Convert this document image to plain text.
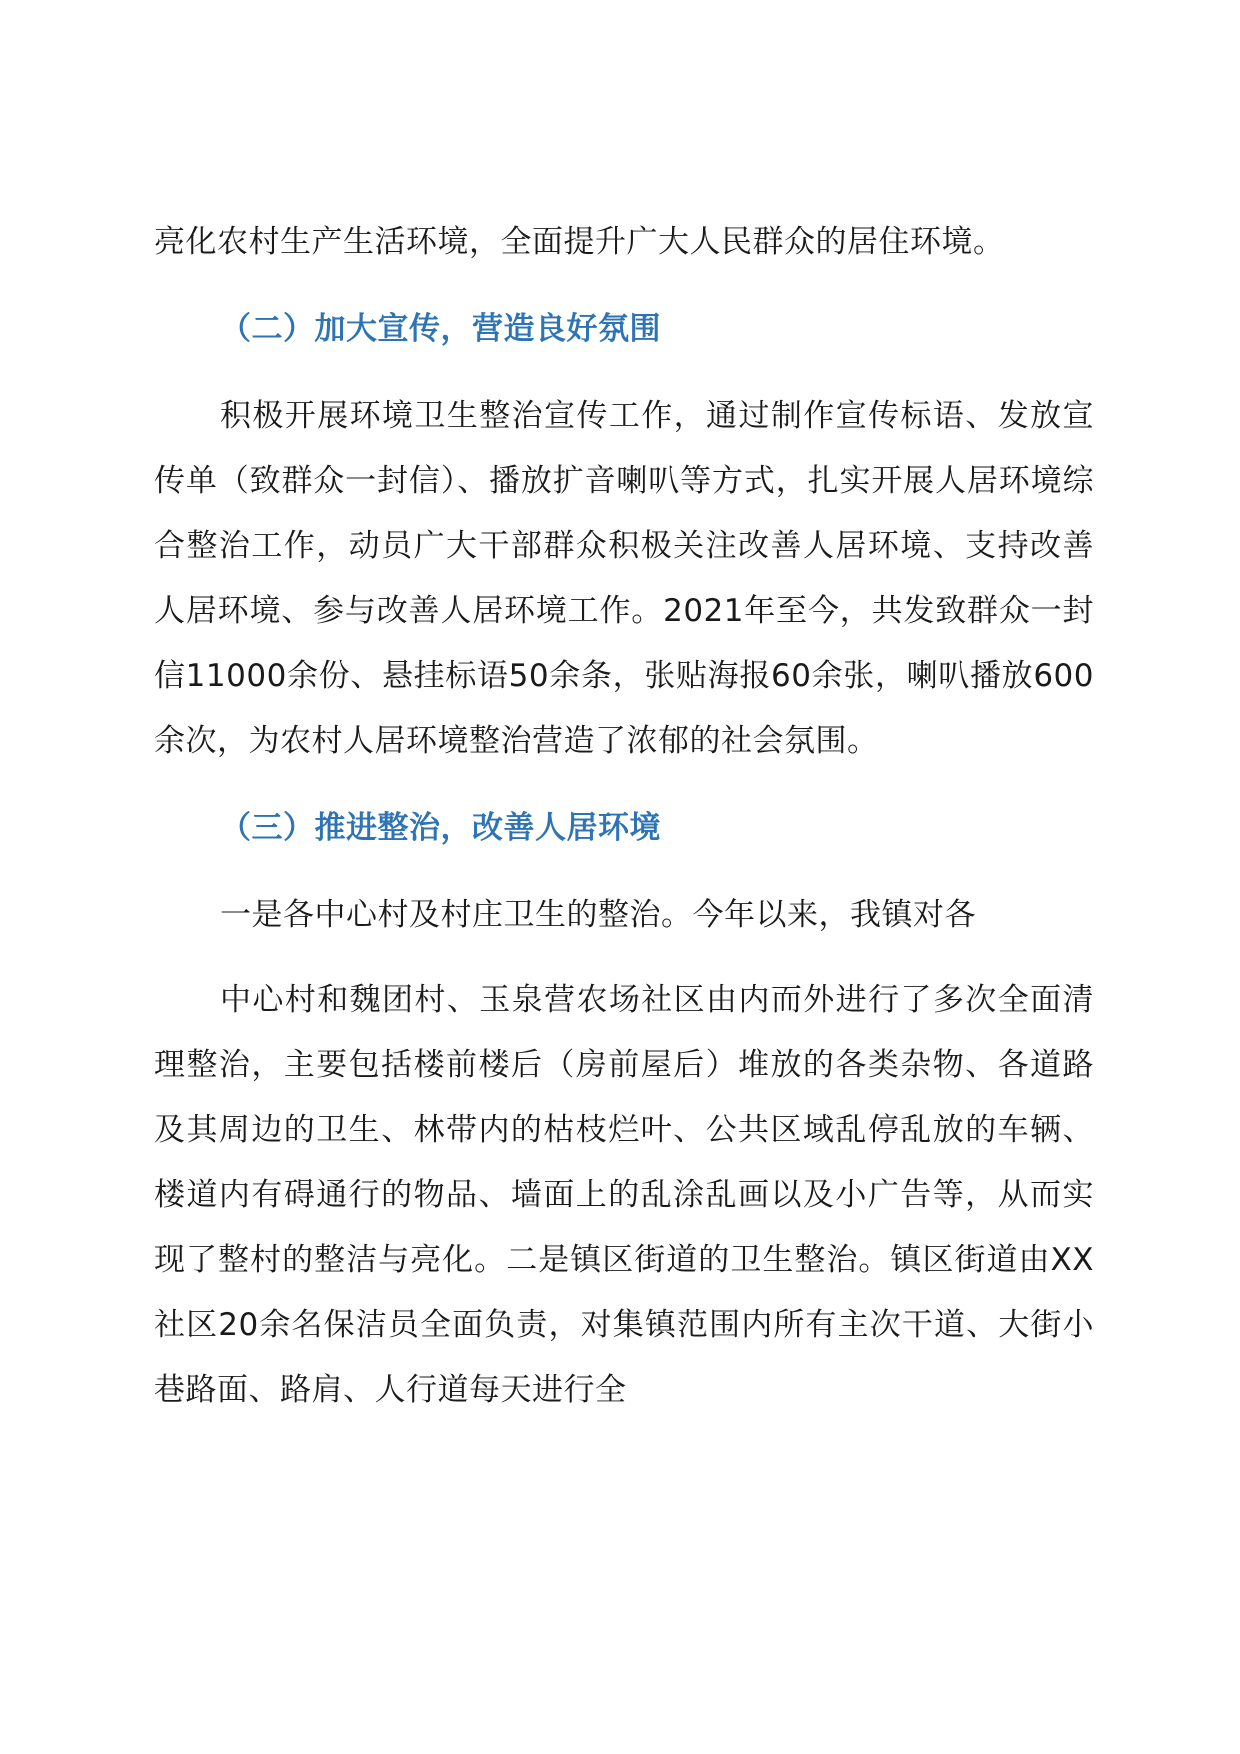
亮化农村生产生活环境，全面提升广大人民群众的居住环境。

（二）加大宣传，营造良好氛围

积极开展环境卫生整治宣传工作，通过制作宣传标语、发放宣传单（致群众一封信）、播放扩音喇叭等方式，扎实开展人居环境综合整治工作，动员广大干部群众积极关注改善人居环境、支持改善人居环境、参与改善人居环境工作。2021年至今，共发致群众一封信11000余份、悬挂标语50余条，张贴海报60余张，喇叭播放600余次，为农村人居环境整治营造了浓郁的社会氛围。

（三）推进整治，改善人居环境

一是各中心村及村庄卫生的整治。今年以来，我镇对各

中心村和魏团村、玉泉营农场社区由内而外进行了多次全面清理整治，主要包括楼前楼后（房前屋后）堆放的各类杂物、各道路及其周边的卫生、林带内的枯枝烂叶、公共区域乱停乱放的车辆、楼道内有碍通行的物品、墙面上的乱涂乱画以及小广告等，从而实现了整村的整洁与亮化。二是镇区街道的卫生整治。镇区街道由XX社区20余名保洁员全面负责，对集镇范围内所有主次干道、大街小巷路面、路肩、人行道每天进行全
